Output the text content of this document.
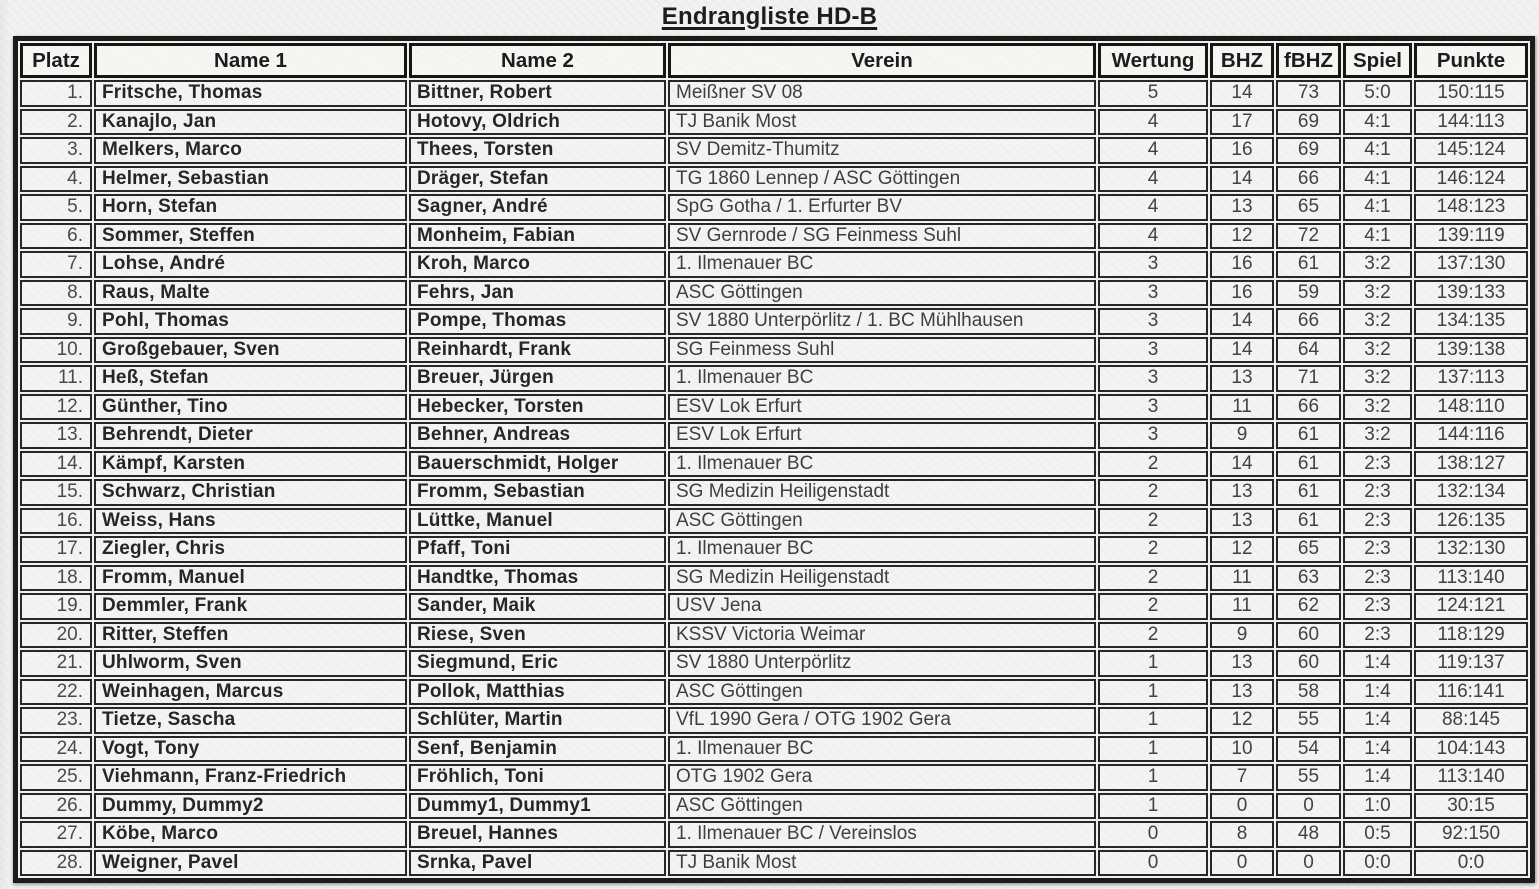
Endrangliste HD-B
Platz	Name 1	Name 2	Verein	Wertung	BHZ	fBHZ	Spiel	Punkte
1.	Fritsche, Thomas	Bittner, Robert	Meißner SV 08	5	14	73	5:0	150:115
2.	Kanajlo, Jan	Hotovy, Oldrich	TJ Banik Most	4	17	69	4:1	144:113
3.	Melkers, Marco	Thees, Torsten	SV Demitz-Thumitz	4	16	69	4:1	145:124
4.	Helmer, Sebastian	Dräger, Stefan	TG 1860 Lennep / ASC Göttingen	4	14	66	4:1	146:124
5.	Horn, Stefan	Sagner, André	SpG Gotha / 1. Erfurter BV	4	13	65	4:1	148:123
6.	Sommer, Steffen	Monheim, Fabian	SV Gernrode / SG Feinmess Suhl	4	12	72	4:1	139:119
7.	Lohse, André	Kroh, Marco	1. Ilmenauer BC	3	16	61	3:2	137:130
8.	Raus, Malte	Fehrs, Jan	ASC Göttingen	3	16	59	3:2	139:133
9.	Pohl, Thomas	Pompe, Thomas	SV 1880 Unterpörlitz / 1. BC Mühlhausen	3	14	66	3:2	134:135
10.	Großgebauer, Sven	Reinhardt, Frank	SG Feinmess Suhl	3	14	64	3:2	139:138
11.	Heß, Stefan	Breuer, Jürgen	1. Ilmenauer BC	3	13	71	3:2	137:113
12.	Günther, Tino	Hebecker, Torsten	ESV Lok Erfurt	3	11	66	3:2	148:110
13.	Behrendt, Dieter	Behner, Andreas	ESV Lok Erfurt	3	9	61	3:2	144:116
14.	Kämpf, Karsten	Bauerschmidt, Holger	1. Ilmenauer BC	2	14	61	2:3	138:127
15.	Schwarz, Christian	Fromm, Sebastian	SG Medizin Heiligenstadt	2	13	61	2:3	132:134
16.	Weiss, Hans	Lüttke, Manuel	ASC Göttingen	2	13	61	2:3	126:135
17.	Ziegler, Chris	Pfaff, Toni	1. Ilmenauer BC	2	12	65	2:3	132:130
18.	Fromm, Manuel	Handtke, Thomas	SG Medizin Heiligenstadt	2	11	63	2:3	113:140
19.	Demmler, Frank	Sander, Maik	USV Jena	2	11	62	2:3	124:121
20.	Ritter, Steffen	Riese, Sven	KSSV Victoria Weimar	2	9	60	2:3	118:129
21.	Uhlworm, Sven	Siegmund, Eric	SV 1880 Unterpörlitz	1	13	60	1:4	119:137
22.	Weinhagen, Marcus	Pollok, Matthias	ASC Göttingen	1	13	58	1:4	116:141
23.	Tietze, Sascha	Schlüter, Martin	VfL 1990 Gera / OTG 1902 Gera	1	12	55	1:4	88:145
24.	Vogt, Tony	Senf, Benjamin	1. Ilmenauer BC	1	10	54	1:4	104:143
25.	Viehmann, Franz-Friedrich	Fröhlich, Toni	OTG 1902 Gera	1	7	55	1:4	113:140
26.	Dummy, Dummy2	Dummy1, Dummy1	ASC Göttingen	1	0	0	1:0	30:15
27.	Köbe, Marco	Breuel, Hannes	1. Ilmenauer BC / Vereinslos	0	8	48	0:5	92:150
28.	Weigner, Pavel	Srnka, Pavel	TJ Banik Most	0	0	0	0:0	0:0
